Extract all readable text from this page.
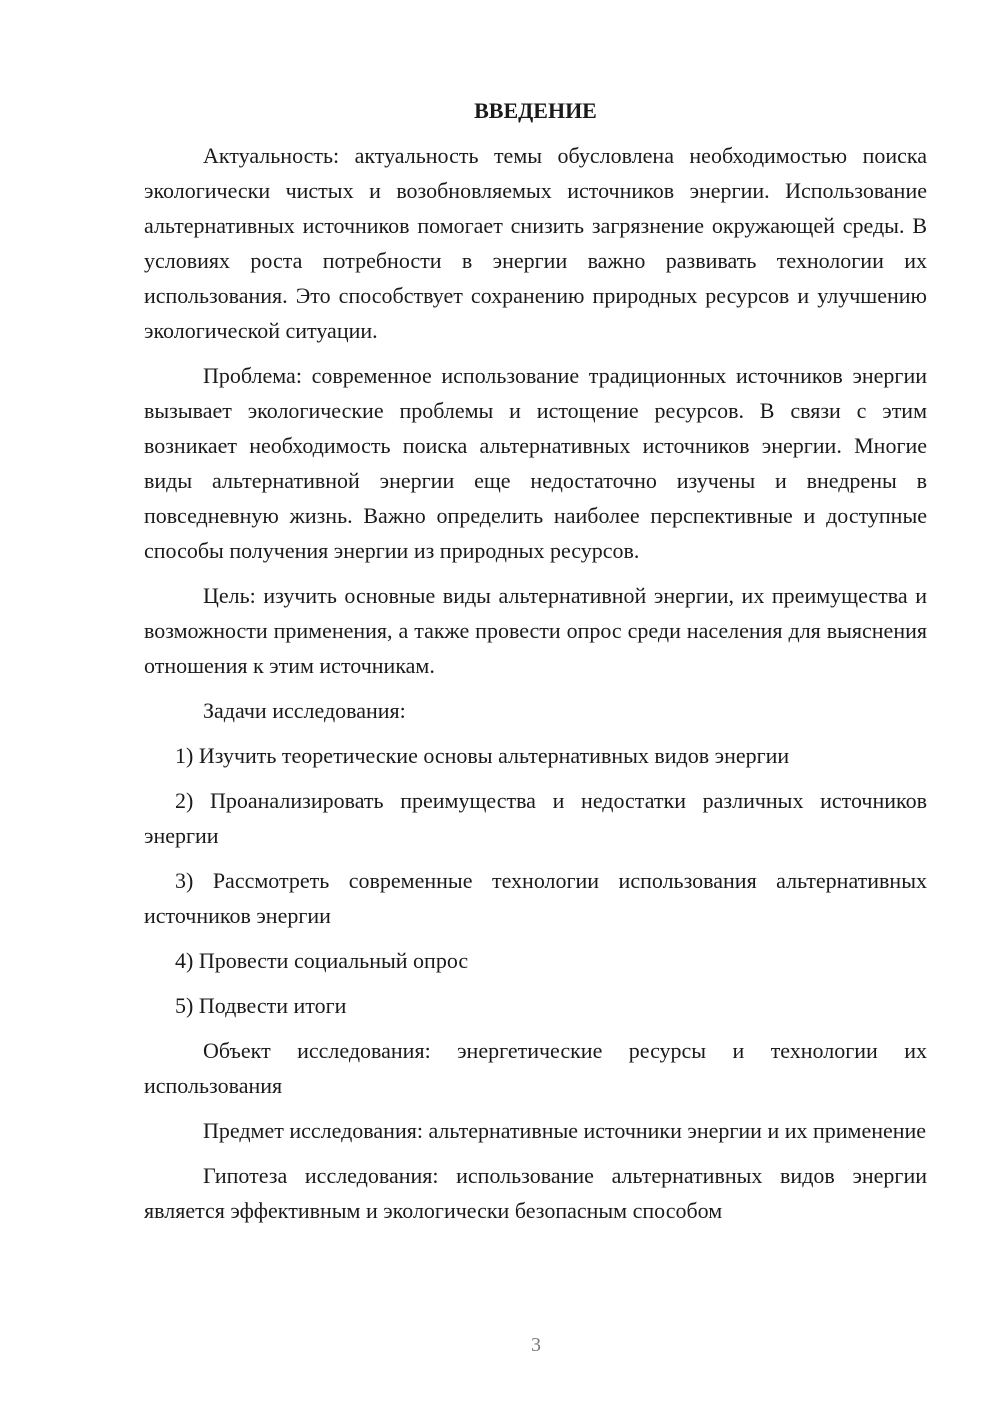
ВВЕДЕНИЕ
Актуальность: актуальность темы обусловлена необходимостью поиска экологически чистых и возобновляемых источников энергии. Использование альтернативных источников помогает снизить загрязнение окружающей среды. В условиях роста потребности в энергии важно развивать технологии их использования. Это способствует сохранению природных ресурсов и улучшению экологической ситуации.
Проблема: современное использование традиционных источников энергии вызывает экологические проблемы и истощение ресурсов. В связи с этим возникает необходимость поиска альтернативных источников энергии. Многие виды альтернативной энергии еще недостаточно изучены и внедрены в повседневную жизнь. Важно определить наиболее перспективные и доступные способы получения энергии из природных ресурсов.
Цель: изучить основные виды альтернативной энергии, их преимущества и возможности применения, а также провести опрос среди населения для выяснения отношения к этим источникам.
Задачи исследования:
1) Изучить теоретические основы альтернативных видов энергии
2) Проанализировать преимущества и недостатки различных источников энергии
3) Рассмотреть современные технологии использования альтернативных источников энергии
4) Провести социальный опрос
5) Подвести итоги
Объект исследования: энергетические ресурсы и технологии их использования
Предмет исследования: альтернативные источники энергии и их применение
Гипотеза исследования: использование альтернативных видов энергии является эффективным и экологически безопасным способом
3
